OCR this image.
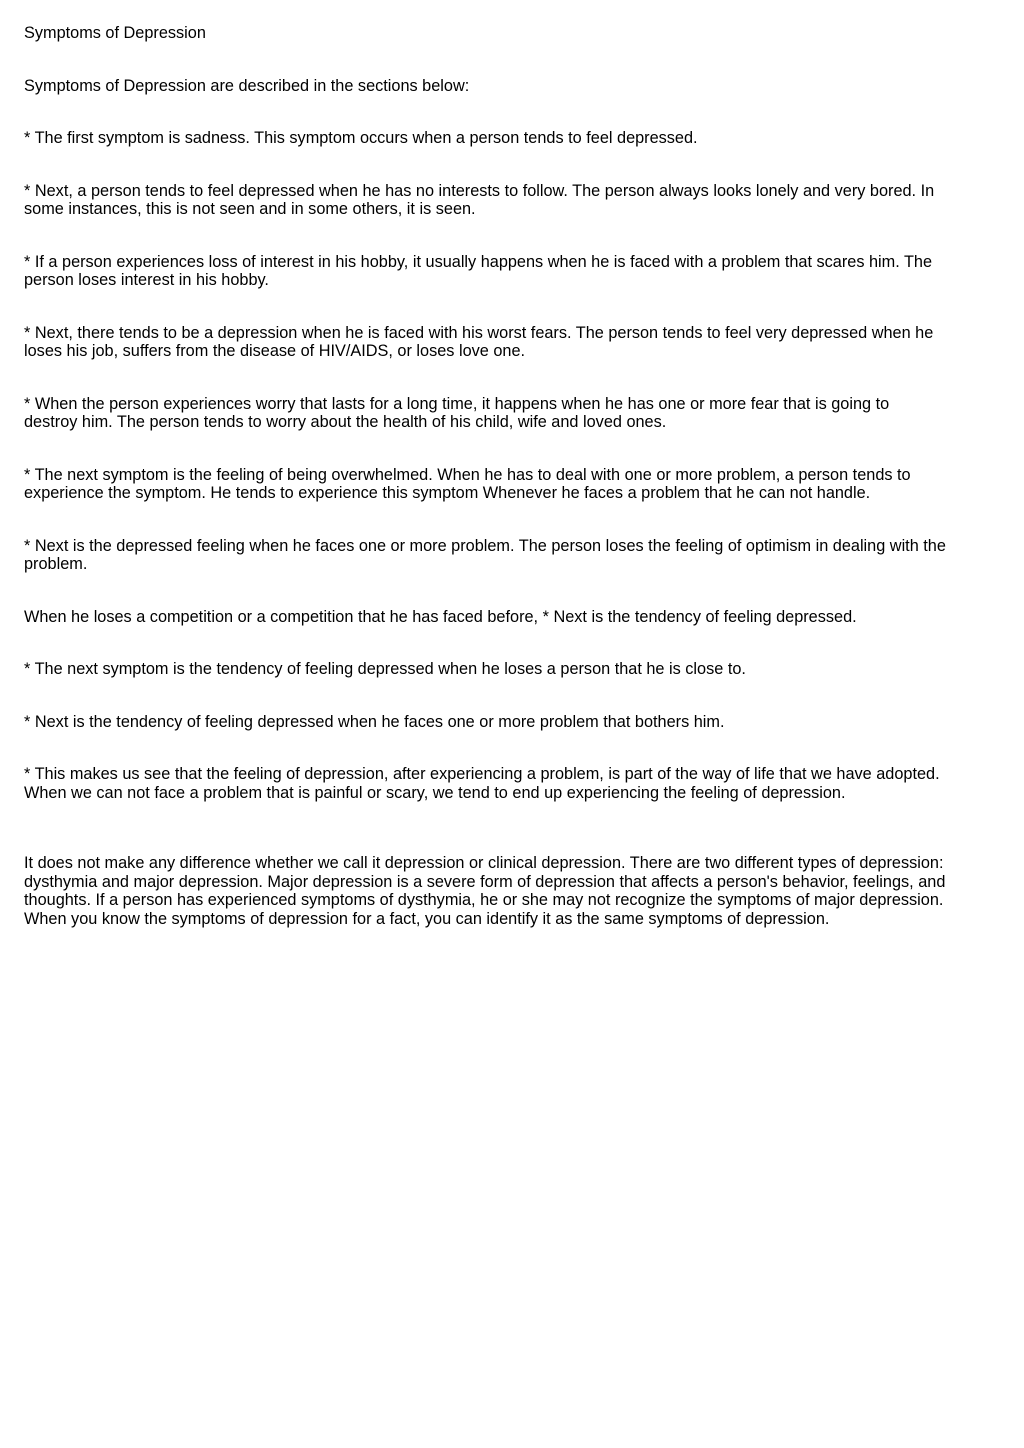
Symptoms of Depression

Symptoms of Depression are described in the sections below:

* The first symptom is sadness. This symptom occurs when a person tends to feel depressed.

* Next, a person tends to feel depressed when he has no interests to follow. The person always looks lonely and very bored. In
some instances, this is not seen and in some others, it is seen.

* If a person experiences loss of interest in his hobby, it usually happens when he is faced with a problem that scares him. The
person loses interest in his hobby.

* Next, there tends to be a depression when he is faced with his worst fears. The person tends to feel very depressed when he
loses his job, suffers from the disease of HIV/AIDS, or loses love one.

* When the person experiences worry that lasts for a long time, it happens when he has one or more fear that is going to
destroy him. The person tends to worry about the health of his child, wife and loved ones.

* The next symptom is the feeling of being overwhelmed. When he has to deal with one or more problem, a person tends to
experience the symptom. He tends to experience this symptom Whenever he faces a problem that he can not handle.

* Next is the depressed feeling when he faces one or more problem. The person loses the feeling of optimism in dealing with the
problem.

When he loses a competition or a competition that he has faced before, * Next is the tendency of feeling depressed.

* The next symptom is the tendency of feeling depressed when he loses a person that he is close to.

* Next is the tendency of feeling depressed when he faces one or more problem that bothers him.

* This makes us see that the feeling of depression, after experiencing a problem, is part of the way of life that we have adopted.
When we can not face a problem that is painful or scary, we tend to end up experiencing the feeling of depression.

It does not make any difference whether we call it depression or clinical depression. There are two different types of depression:
dysthymia and major depression. Major depression is a severe form of depression that affects a person's behavior, feelings, and
thoughts. If a person has experienced symptoms of dysthymia, he or she may not recognize the symptoms of major depression.
When you know the symptoms of depression for a fact, you can identify it as the same symptoms of depression.
